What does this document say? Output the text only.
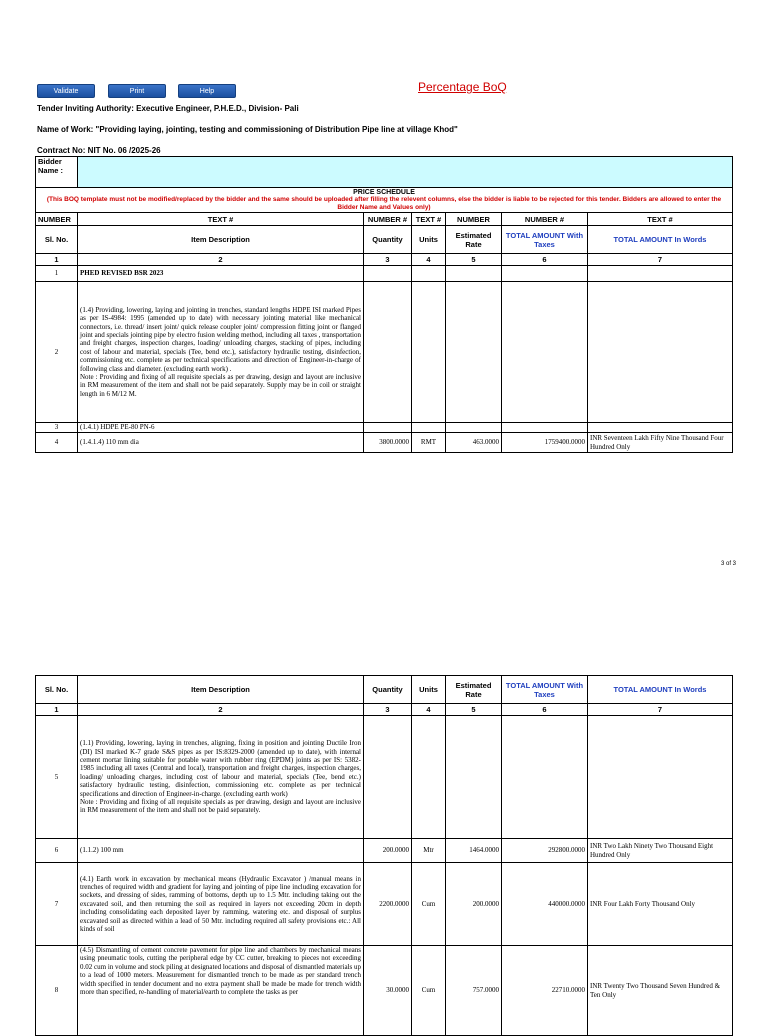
Validate	Print	Help	Percentage BoQ
Tender Inviting Authority: Executive Engineer, P.H.E.D., Division- Pali
Name of Work: "Providing laying, jointing, testing and commissioning of Distribution Pipe line at village Khod"
Contract No: NIT No. 06 /2025-26
Bidder Name :						
PRICE SCHEDULE						
(This BOQ template must not be modified/replaced by the bidder and the same should be uploaded after filling the relevent columns, else the bidder is liable to be rejected for this tender. Bidders are allowed to enter the Bidder Name and Values only)						
NUMBER	TEXT #	NUMBER #	TEXT #	NUMBER	NUMBER #	TEXT #
Sl. No.	Item Description	Quantity	Units	Estimated Rate	TOTAL AMOUNT With Taxes	TOTAL AMOUNT In Words
1	2	3	4	5	6	7
1	PHED REVISED BSR 2023					
2	(1.4) Providing, lowering, laying and jointing in trenches, standard lengths HDPE ISI marked Pipes as per IS-4984: 1995 (amended up to date) with necessary jointing material like mechanical connectors, i.e. thread/ insert joint/ quick release coupler joint/ compression fitting joint or flanged joint and specials jointing pipe by electro fusion welding method, including all taxes , transportation and freight charges, inspection charges, loading/ unloading charges, stacking of pipes, including cost of labour and material, specials (Tee, bend etc.), satisfactory hydraulic testing, disinfection, commissioning etc. complete as per technical specifications and direction of Engineer-in-charge of following class and diameter. (excluding earth work) .
Note : Providing and fixing of all requisite specials as per drawing, design and layout are inclusive in RM measurement of the item and shall not be paid separately. Supply may be in coil or straight length in 6 M/12 M.					
3	(1.4.1) HDPE PE-80 PN-6					
4	(1.4.1.4) 110 mm dia	3800.0000	RMT	463.0000	1759400.0000	INR Seventeen Lakh Fifty Nine Thousand Four Hundred Only
3 of 3
Sl. No.	Item Description	Quantity	Units	Estimated Rate	TOTAL AMOUNT With Taxes	TOTAL AMOUNT In Words
1	2	3	4	5	6	7
5	(1.1) Providing, lowering, laying in trenches, aligning, fixing in position and jointing Ductile Iron (DI) ISI marked K-7 grade S&S pipes as per IS:8329-2000 (amended up to date), with internal cement mortar lining suitable for potable water with rubber ring (EPDM) joints as per IS: 5382-1985 including all taxes (Central and local), transportation and freight charges, inspection charges, loading/ unloading charges, including cost of labour and material, specials (Tee, bend etc.) satisfactory hydraulic testing, disinfection, commissioning etc. complete as per technical specifications and direction of Engineer-in-charge. (excluding earth work)
Note : Providing and fixing of all requisite specials as per drawing, design and layout are inclusive in RM measurement of the item and shall not be paid separately.					
6	(1.1.2) 100 mm	200.0000	Mtr	1464.0000	292800.0000	INR Two Lakh Ninety Two Thousand Eight Hundred Only
7	(4.1) Earth work in excavation by mechanical means (Hydraulic Excavator ) /manual means in trenches of required width and gradient for laying and jointing of pipe line including excavation for sockets, and dressing of sides, ramming of bottoms, depth up to 1.5 Mtr. including taking out the excavated soil, and then returning the soil as required in layers not exceeding 20cm in depth including consolidating each deposited layer by ramming, watering etc. and disposal of surplus excavated soil as directed within a lead of 50 Mtr. including required all safety provisions etc.: All kinds of soil	2200.0000	Cum	200.0000	440000.0000	INR Four Lakh Forty Thousand Only
8	(4.5) Dismantling of cement concrete pavement for pipe line and chambers by mechanical means using pneumatic tools, cutting the peripheral edge by CC cutter, breaking to pieces not exceeding 0.02 cum in volume and stock piling at designated locations and disposal of dismantled materials up to a lead of 1000 meters. Measurement for dismantled trench to be made as per standard trench width specified in tender document and no extra payment shall be made be made for trench width more than specified, re-handling of material/earth to complete the tasks as per	30.0000	Cum	757.0000	22710.0000	INR Twenty Two Thousand Seven Hundred & Ten Only
